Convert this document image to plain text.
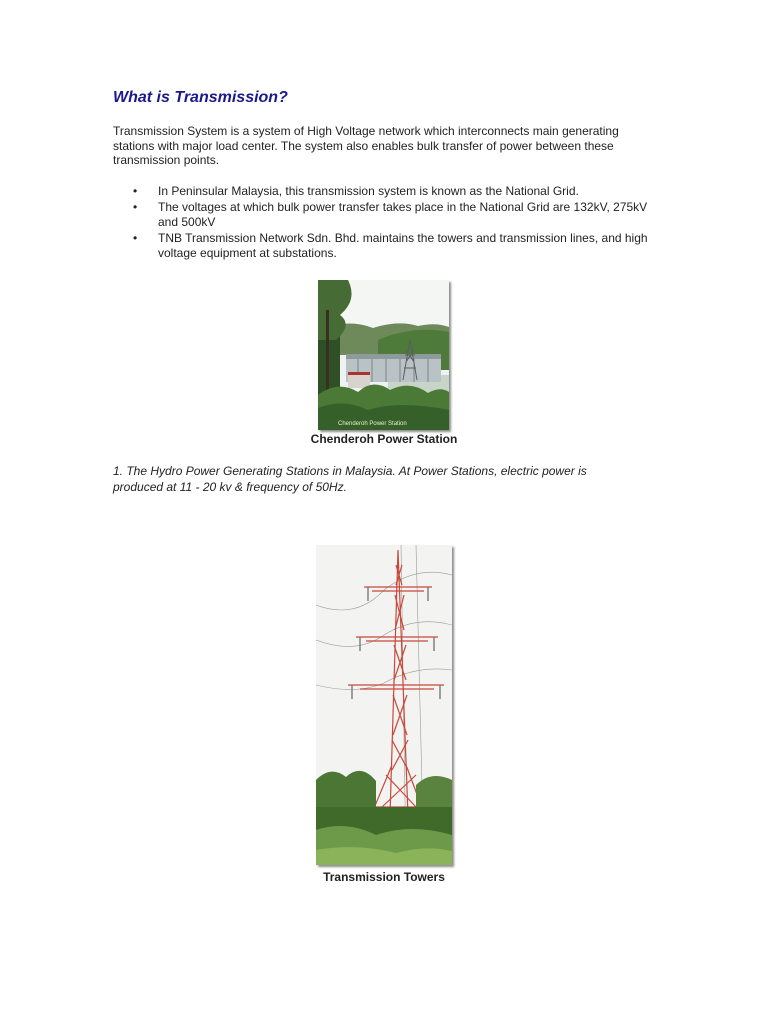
What is Transmission?

Transmission System is a system of High Voltage network which interconnects main generating stations with major load center. The system also enables bulk transfer of power between these transmission points.

• In Peninsular Malaysia, this transmission system is known as the National Grid.
• The voltages at which bulk power transfer takes place in the National Grid are 132kV, 275kV and 500kV
• TNB Transmission Network Sdn. Bhd. maintains the towers and transmission lines, and high voltage equipment at substations.
Chenderoh Power Station

Chenderoh Power Station

1. The Hydro Power Generating Stations in Malaysia. At Power Stations, electric power is produced at 11 - 20 kv & frequency of 50Hz.

Transmission Towers
